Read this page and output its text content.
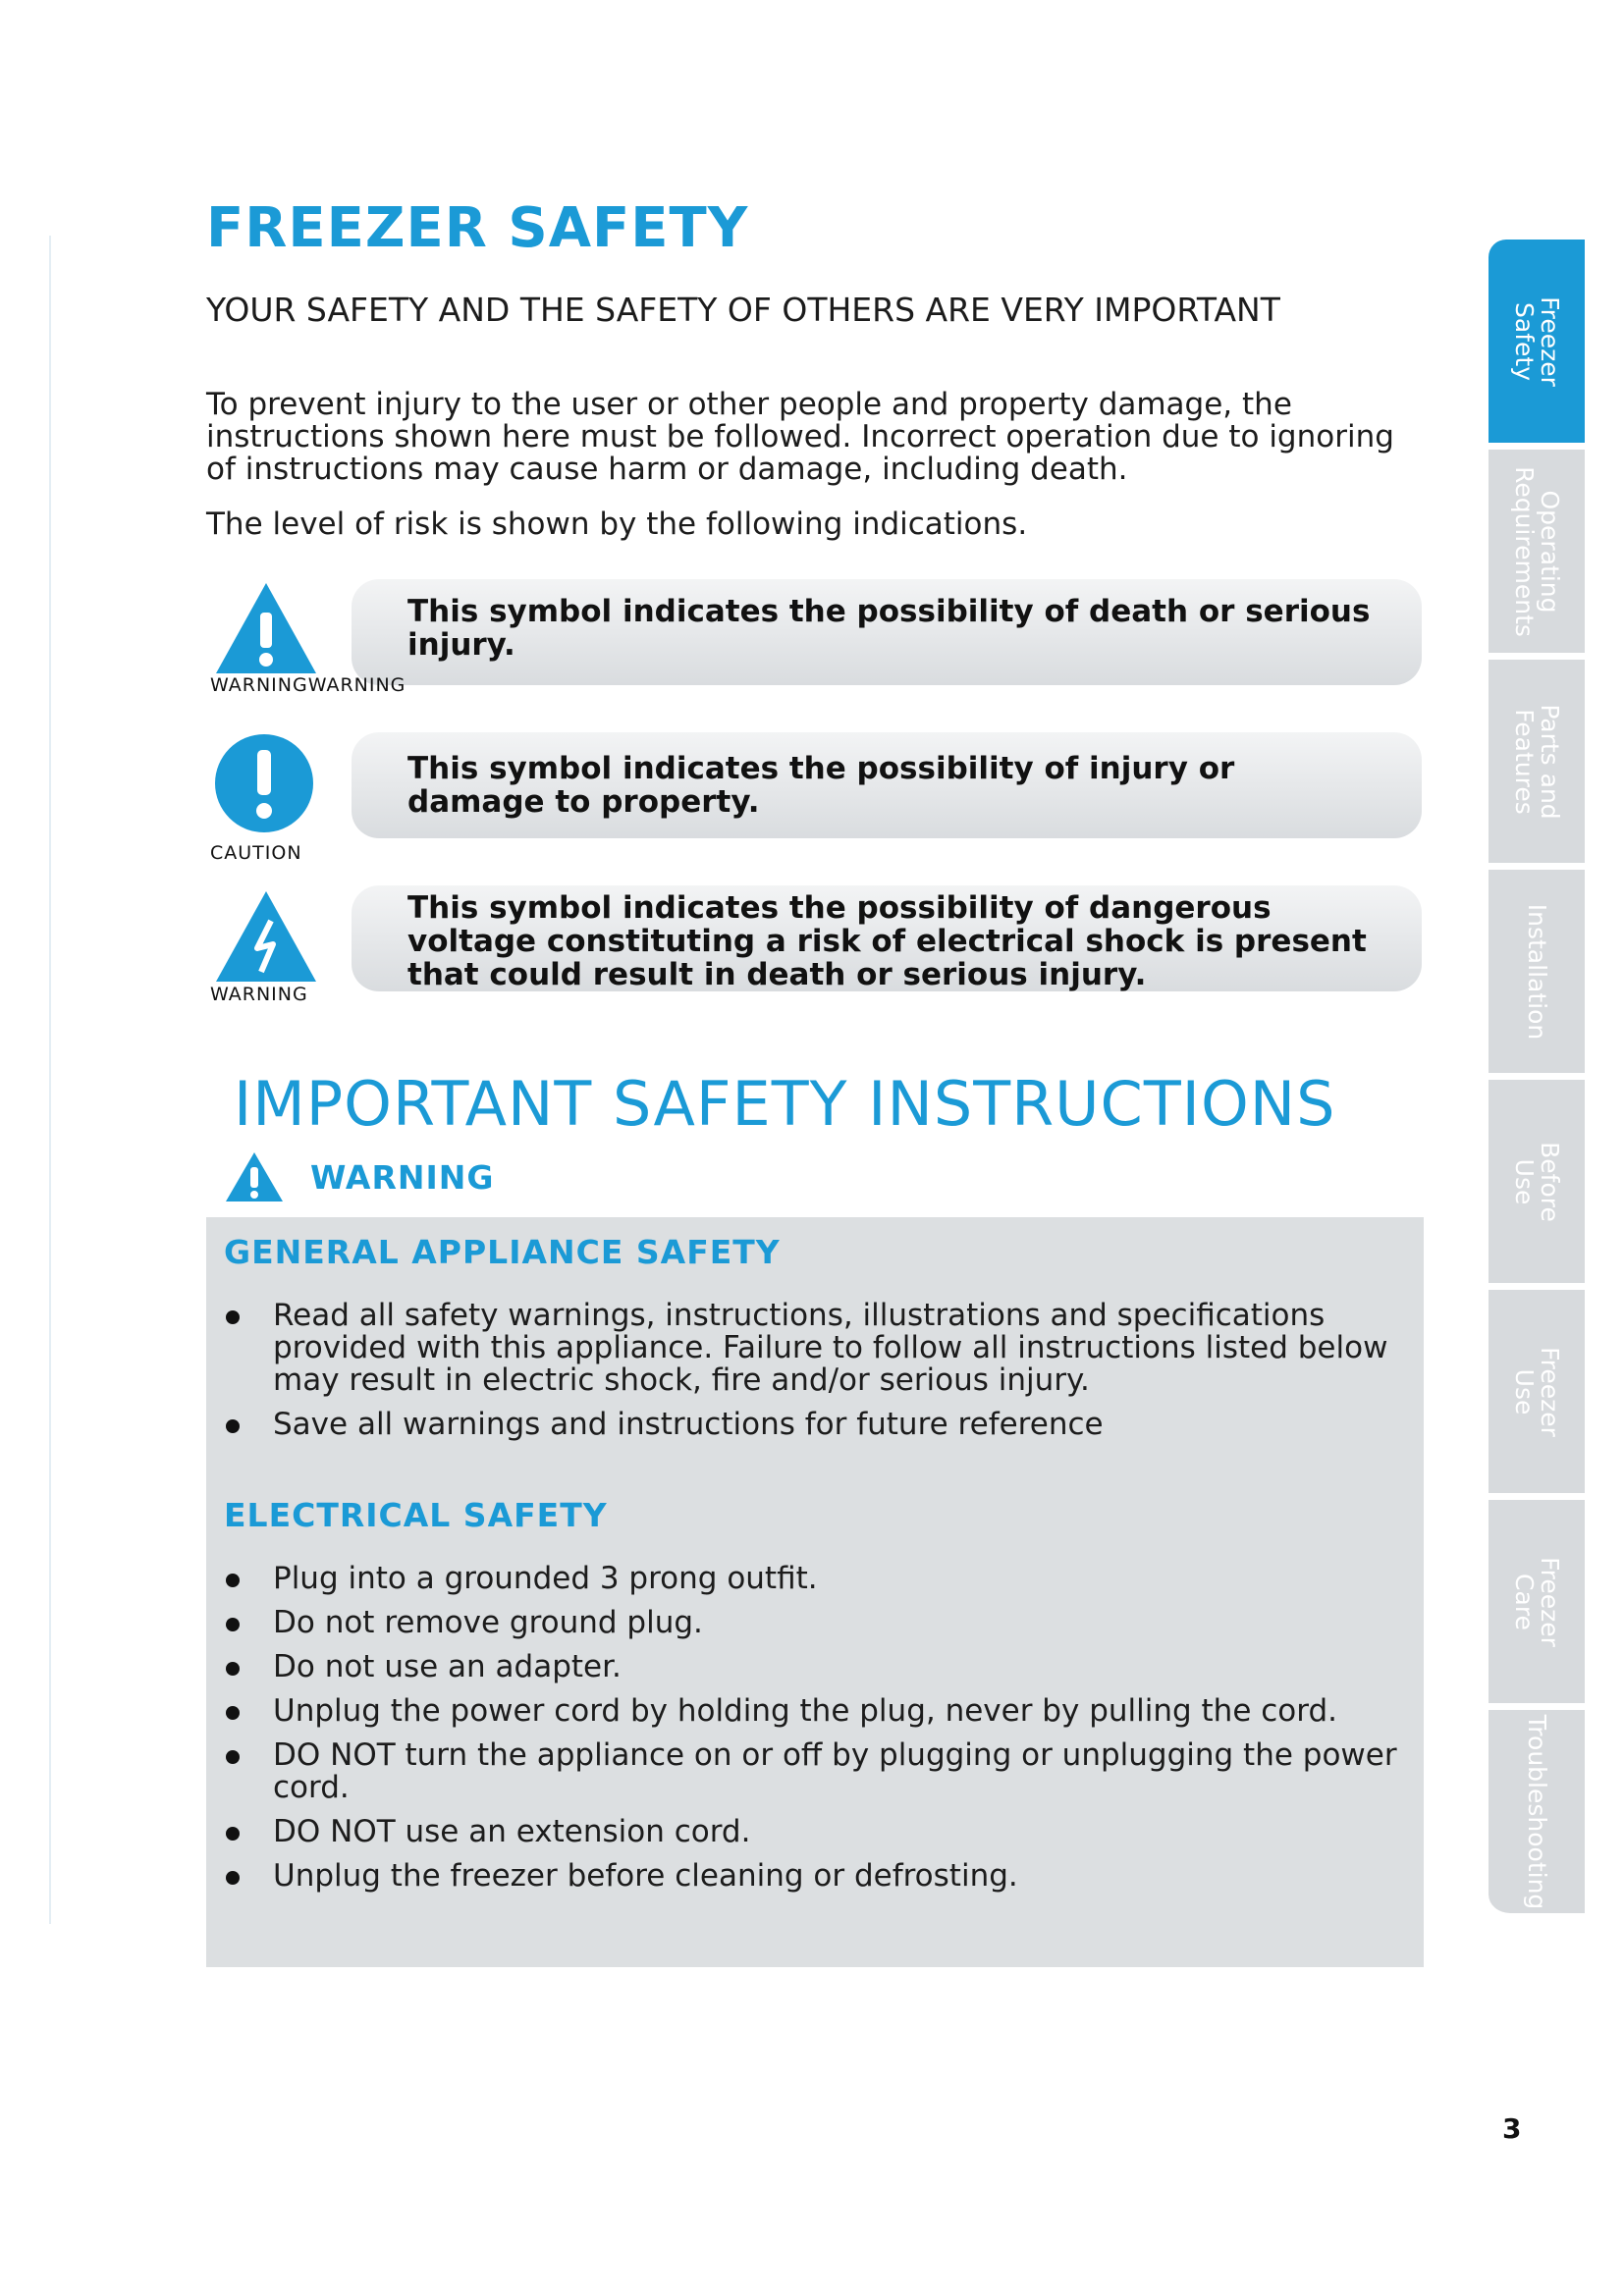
FREEZER SAFETY
YOUR SAFETY AND THE SAFETY OF OTHERS ARE VERY IMPORTANT

To prevent injury to the user or other people and property damage, the instructions shown here must be followed. Incorrect operation due to ignoring of instructions may cause harm or damage, including death.

The level of risk is shown by the following indications.

WARNINGWARNING
This symbol indicates the possibility of death or serious injury.
CAUTION
This symbol indicates the possibility of injury or damage to property.
WARNING
This symbol indicates the possibility of dangerous voltage constituting a risk of electrical shock is present that could result in death or serious injury.
IMPORTANT SAFETY INSTRUCTIONS
WARNING
GENERAL APPLIANCE SAFETY
Read all safety warnings, instructions, illustrations and specifications provided with this appliance. Failure to follow all instructions listed below may result in electric shock, fire and/or serious injury.
Save all warnings and instructions for future reference
ELECTRICAL SAFETY
Plug into a grounded 3 prong outfit.
Do not remove ground plug.
Do not use an adapter.
Unplug the power cord by holding the plug, never by pulling the cord.
DO NOT turn the appliance on or off by plugging or unplugging the power cord.
DO NOT use an extension cord.
Unplug the freezer before cleaning or defrosting.
Freezer
Safety
Operating
Requirements
Parts and
Features
Installation
Before
Use
Freezer
Use
Freezer
Care
Troubleshooting
3
